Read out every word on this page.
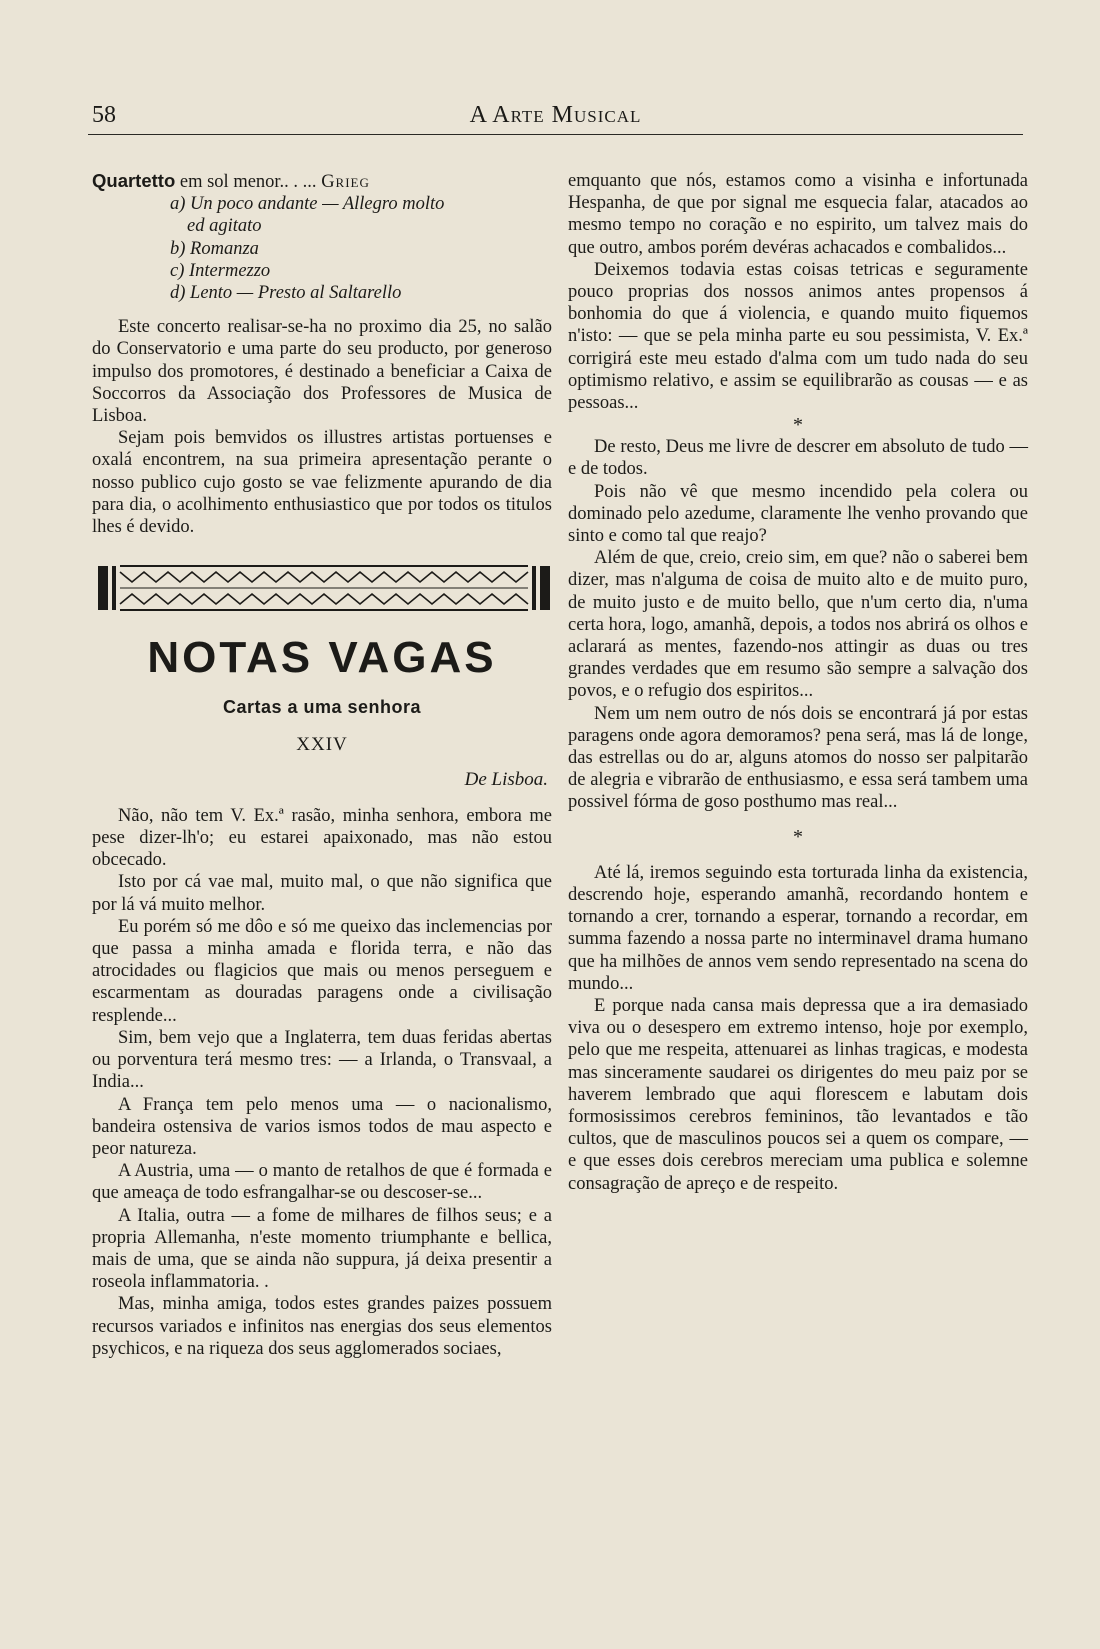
58	A Arte Musical
Quartetto em sol menor.. . ... Grieg
a) Un poco andante — Allegro molto
ed agitato
b) Romanza
c) Intermezzo
d) Lento — Presto al Saltarello

Este concerto realisar-se-ha no proximo dia 25, no salão do Conservatorio e uma parte do seu producto, por generoso impulso dos promotores, é destinado a beneficiar a Caixa de Soccorros da Associação dos Professores de Musica de Lisboa.

Sejam pois bemvidos os illustres artistas portuenses e oxalá encontrem, na sua primeira apresentação perante o nosso publico cujo gosto se vae felizmente apurando de dia para dia, o acolhimento enthusiastico que por todos os titulos lhes é devido.

NOTAS VAGAS
Cartas a uma senhora
XXIV
De Lisboa.

Não, não tem V. Ex.ª rasão, minha senhora, embora me pese dizer-lh'o; eu estarei apaixonado, mas não estou obcecado.

Isto por cá vae mal, muito mal, o que não significa que por lá vá muito melhor.

Eu porém só me dôo e só me queixo das inclemencias por que passa a minha amada e florida terra, e não das atrocidades ou flagicios que mais ou menos perseguem e escarmentam as douradas paragens onde a civilisação resplende...

Sim, bem vejo que a Inglaterra, tem duas feridas abertas ou porventura terá mesmo tres: — a Irlanda, o Transvaal, a India...

A França tem pelo menos uma — o nacionalismo, bandeira ostensiva de varios ismos todos de mau aspecto e peor natureza.

A Austria, uma — o manto de retalhos de que é formada e que ameaça de todo esfrangalhar-se ou descoser-se...

A Italia, outra — a fome de milhares de filhos seus; e a propria Allemanha, n'este momento triumphante e bellica, mais de uma, que se ainda não suppura, já deixa presentir a roseola inflammatoria. .

Mas, minha amiga, todos estes grandes paizes possuem recursos variados e infinitos nas energias dos seus elementos psychicos, e na riqueza dos seus agglomerados sociaes,

emquanto que nós, estamos como a visinha e infortunada Hespanha, de que por signal me esquecia falar, atacados ao mesmo tempo no coração e no espirito, um talvez mais do que outro, ambos porém devéras achacados e combalidos...

Deixemos todavia estas coisas tetricas e seguramente pouco proprias dos nossos animos antes propensos á bonhomia do que á violencia, e quando muito fiquemos n'isto: — que se pela minha parte eu sou pessimista, V. Ex.ª corrigirá este meu estado d'alma com um tudo nada do seu optimismo relativo, e assim se equilibrarão as cousas — e as pessoas...

*

De resto, Deus me livre de descrer em absoluto de tudo — e de todos.

Pois não vê que mesmo incendido pela colera ou dominado pelo azedume, claramente lhe venho provando que sinto e como tal que reajo?

Além de que, creio, creio sim, em que? não o saberei bem dizer, mas n'alguma de coisa de muito alto e de muito puro, de muito justo e de muito bello, que n'um certo dia, n'uma certa hora, logo, amanhã, depois, a todos nos abrirá os olhos e aclarará as mentes, fazendo-nos attingir as duas ou tres grandes verdades que em resumo são sempre a salvação dos povos, e o refugio dos espiritos...

Nem um nem outro de nós dois se encontrará já por estas paragens onde agora demoramos? pena será, mas lá de longe, das estrellas ou do ar, alguns atomos do nosso ser palpitarão de alegria e vibrarão de enthusiasmo, e essa será tambem uma possivel fórma de goso posthumo mas real...

*

Até lá, iremos seguindo esta torturada linha da existencia, descrendo hoje, esperando amanhã, recordando hontem e tornando a crer, tornando a esperar, tornando a recordar, em summa fazendo a nossa parte no interminavel drama humano que ha milhões de annos vem sendo representado na scena do mundo...

E porque nada cansa mais depressa que a ira demasiado viva ou o desespero em extremo intenso, hoje por exemplo, pelo que me respeita, attenuarei as linhas tragicas, e modesta mas sinceramente saudarei os dirigentes do meu paiz por se haverem lembrado que aqui florescem e labutam dois formosissimos cerebros femininos, tão levantados e tão cultos, que de masculinos poucos sei a quem os compare, — e que esses dois cerebros mereciam uma publica e solemne consagração de apreço e de respeito.
